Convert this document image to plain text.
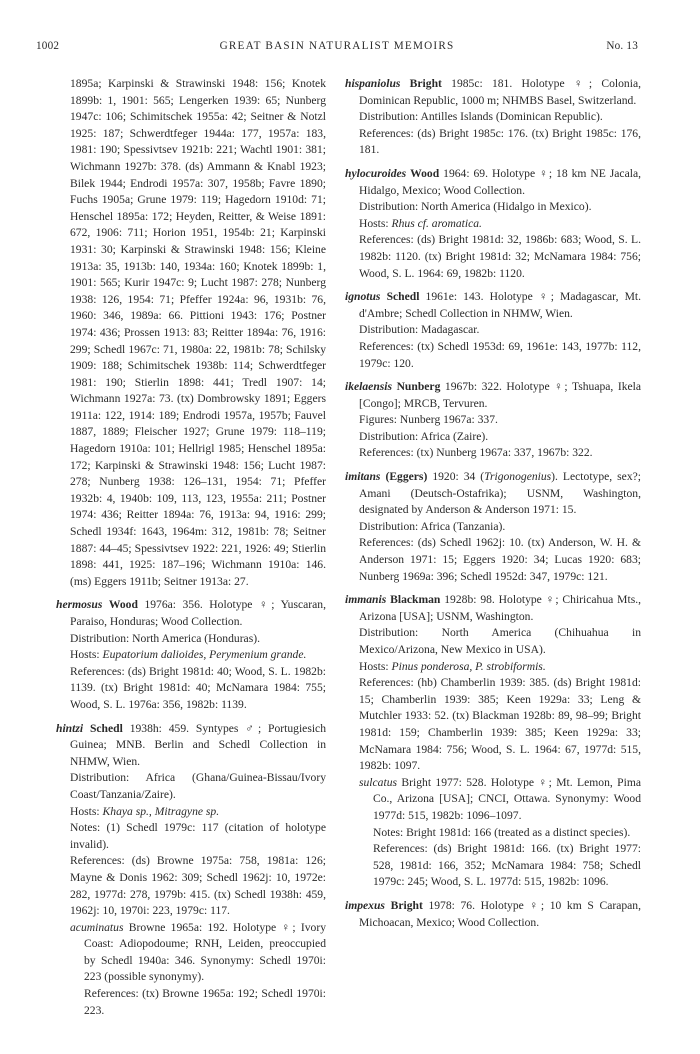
1002	GREAT BASIN NATURALIST MEMOIRS	No. 13

1895a; Karpinski & Strawinski 1948: 156; Knotek 1899b: 1, 1901: 565; Lengerken 1939: 65; Nunberg 1947c: 106; Schimitschek 1955a: 42; Seitner & Notzl 1925: 187; Schwerdtfeger 1944a: 177, 1957a: 183, 1981: 190; Spessivtsev 1921b: 221; Wachtl 1901: 381; Wichmann 1927b: 378. (ds) Ammann & Knabl 1923; Bilek 1944; Endrodi 1957a: 307, 1958b; Favre 1890; Fuchs 1905a; Grune 1979: 119; Hagedorn 1910d: 71; Henschel 1895a: 172; Heyden, Reitter, & Weise 1891: 672, 1906: 711; Horion 1951, 1954b: 21; Karpinski 1931: 30; Karpinski & Strawinski 1948: 156; Kleine 1913a: 35, 1913b: 140, 1934a: 160; Knotek 1899b: 1, 1901: 565; Kurir 1947c: 9; Lucht 1987: 278; Nunberg 1938: 126, 1954: 71; Pfeffer 1924a: 96, 1931b: 76, 1960: 346, 1989a: 66. Pittioni 1943: 176; Postner 1974: 436; Prossen 1913: 83; Reitter 1894a: 76, 1916: 299; Schedl 1967c: 71, 1980a: 22, 1981b: 78; Schilsky 1909: 188; Schimitschek 1938b: 114; Schwerdtfeger 1981: 190; Stierlin 1898: 441; Tredl 1907: 14; Wichmann 1927a: 73. (tx) Dombrowsky 1891; Eggers 1911a: 122, 1914: 189; Endrodi 1957a, 1957b; Fauvel 1887, 1889; Fleischer 1927; Grune 1979: 118–119; Hagedorn 1910a: 101; Hellrigl 1985; Henschel 1895a: 172; Karpinski & Strawinski 1948: 156; Lucht 1987: 278; Nunberg 1938: 126–131, 1954: 71; Pfeffer 1932b: 4, 1940b: 109, 113, 123, 1955a: 211; Postner 1974: 436; Reitter 1894a: 76, 1913a: 94, 1916: 299; Schedl 1934f: 1643, 1964m: 312, 1981b: 78; Seitner 1887: 44–45; Spessivtsev 1922: 221, 1926: 49; Stierlin 1898: 441, 1925: 187–196; Wichmann 1910a: 146. (ms) Eggers 1911b; Seitner 1913a: 27.

hermosus Wood 1976a: 356. Holotype ♀; Yuscaran, Paraiso, Honduras; Wood Collection.

Distribution: North America (Honduras).

Hosts: Eupatorium dalioides, Perymenium grande.

References: (ds) Bright 1981d: 40; Wood, S. L. 1982b: 1139. (tx) Bright 1981d: 40; McNamara 1984: 755; Wood, S. L. 1976a: 356, 1982b: 1139.

hintzi Schedl 1938h: 459. Syntypes ♂; Portugiesich Guinea; MNB. Berlin and Schedl Collection in NHMW, Wien.

Distribution: Africa (Ghana/Guinea-Bissau/Ivory Coast/Tanzania/Zaire).

Hosts: Khaya sp., Mitragyne sp.

Notes: (1) Schedl 1979c: 117 (citation of holotype invalid).

References: (ds) Browne 1975a: 758, 1981a: 126; Mayne & Donis 1962: 309; Schedl 1962j: 10, 1972e: 282, 1977d: 278, 1979b: 415. (tx) Schedl 1938h: 459, 1962j: 10, 1970i: 223, 1979c: 117.

acuminatus Browne 1965a: 192. Holotype ♀; Ivory Coast: Adiopodoume; RNH, Leiden, preoccupied by Schedl 1940a: 346. Synonymy: Schedl 1970i: 223 (possible synonymy).

References: (tx) Browne 1965a: 192; Schedl 1970i: 223.

hispaniolus Bright 1985c: 181. Holotype ♀; Colonia, Dominican Republic, 1000 m; NHMBS Basel, Switzerland.

Distribution: Antilles Islands (Dominican Republic).

References: (ds) Bright 1985c: 176. (tx) Bright 1985c: 176, 181.

hylocuroides Wood 1964: 69. Holotype ♀; 18 km NE Jacala, Hidalgo, Mexico; Wood Collection.

Distribution: North America (Hidalgo in Mexico).

Hosts: Rhus cf. aromatica.

References: (ds) Bright 1981d: 32, 1986b: 683; Wood, S. L. 1982b: 1120. (tx) Bright 1981d: 32; McNamara 1984: 756; Wood, S. L. 1964: 69, 1982b: 1120.

ignotus Schedl 1961e: 143. Holotype ♀; Madagascar, Mt. d'Ambre; Schedl Collection in NHMW, Wien.

Distribution: Madagascar.

References: (tx) Schedl 1953d: 69, 1961e: 143, 1977b: 112, 1979c: 120.

ikelaensis Nunberg 1967b: 322. Holotype ♀; Tshuapa, Ikela [Congo]; MRCB, Tervuren.

Figures: Nunberg 1967a: 337.

Distribution: Africa (Zaire).

References: (tx) Nunberg 1967a: 337, 1967b: 322.

imitans (Eggers) 1920: 34 (Trigonogenius). Lectotype, sex?; Amani (Deutsch-Ostafrika); USNM, Washington, designated by Anderson & Anderson 1971: 15.

Distribution: Africa (Tanzania).

References: (ds) Schedl 1962j: 10. (tx) Anderson, W. H. & Anderson 1971: 15; Eggers 1920: 34; Lucas 1920: 683; Nunberg 1969a: 396; Schedl 1952d: 347, 1979c: 121.

immanis Blackman 1928b: 98. Holotype ♀; Chiricahua Mts., Arizona [USA]; USNM, Washington.

Distribution: North America (Chihuahua in Mexico/Arizona, New Mexico in USA).

Hosts: Pinus ponderosa, P. strobiformis.

References: (hb) Chamberlin 1939: 385. (ds) Bright 1981d: 15; Chamberlin 1939: 385; Keen 1929a: 33; Leng & Mutchler 1933: 52. (tx) Blackman 1928b: 89, 98–99; Bright 1981d: 159; Chamberlin 1939: 385; Keen 1929a: 33; McNamara 1984: 756; Wood, S. L. 1964: 67, 1977d: 515, 1982b: 1097.

sulcatus Bright 1977: 528. Holotype ♀; Mt. Lemon, Pima Co., Arizona [USA]; CNCI, Ottawa. Synonymy: Wood 1977d: 515, 1982b: 1096–1097.

Notes: Bright 1981d: 166 (treated as a distinct species).

References: (ds) Bright 1981d: 166. (tx) Bright 1977: 528, 1981d: 166, 352; McNamara 1984: 758; Schedl 1979c: 245; Wood, S. L. 1977d: 515, 1982b: 1096.

impexus Bright 1978: 76. Holotype ♀; 10 km S Carapan, Michoacan, Mexico; Wood Collection.
